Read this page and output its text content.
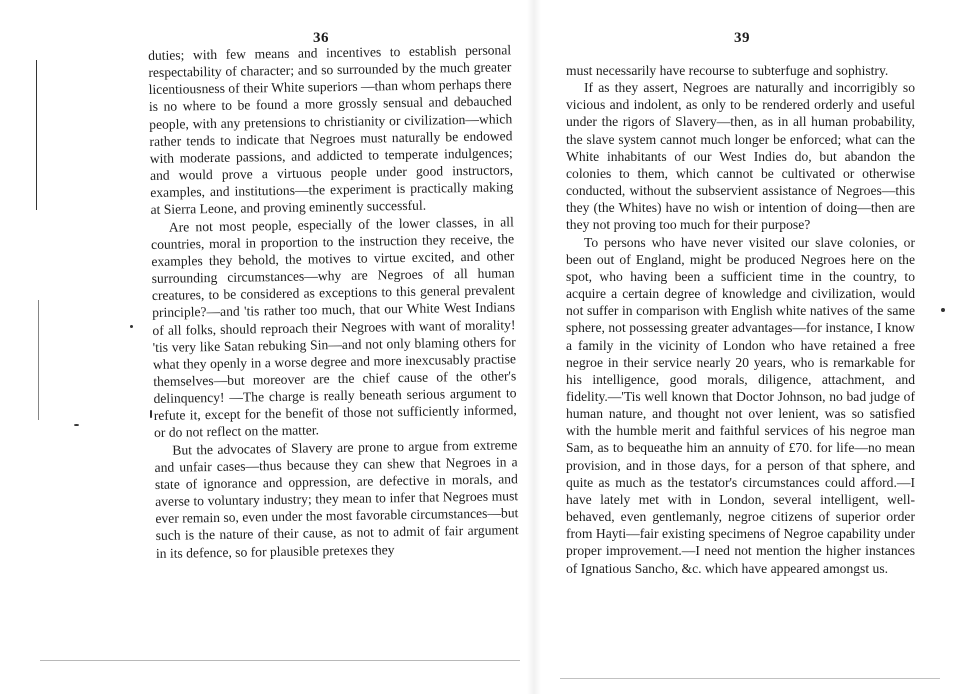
36	39

duties; with few means and incentives to establish personal respectability of character; and so surrounded by the much greater licentiousness of their White superiors —than whom perhaps there is no where to be found a more grossly sensual and debauched people, with any pretensions to christianity or civilization—which rather tends to indicate that Negroes must naturally be endowed with moderate passions, and addicted to temperate indulgences; and would prove a virtuous people under good instructors, examples, and institutions—the experiment is practically making at Sierra Leone, and proving eminently successful.

Are not most people, especially of the lower classes, in all countries, moral in proportion to the instruction they receive, the examples they behold, the motives to virtue excited, and other surrounding circumstances—why are Negroes of all human creatures, to be considered as exceptions to this general prevalent principle?—and 'tis rather too much, that our White West Indians of all folks, should reproach their Negroes with want of morality! 'tis very like Satan rebuking Sin—and not only blaming others for what they openly in a worse degree and more inexcusably practise themselves—but moreover are the chief cause of the other's delinquency! —The charge is really beneath serious argument to refute it, except for the benefit of those not sufficiently informed, or do not reflect on the matter.

But the advocates of Slavery are prone to argue from extreme and unfair cases—thus because they can shew that Negroes in a state of ignorance and oppression, are defective in morals, and averse to voluntary industry; they mean to infer that Negroes must ever remain so, even under the most favorable circumstances—but such is the nature of their cause, as not to admit of fair argument in its defence, so for plausible pretexes they

must necessarily have recourse to subterfuge and sophistry.

If as they assert, Negroes are naturally and incorrigibly so vicious and indolent, as only to be rendered orderly and useful under the rigors of Slavery—then, as in all human probability, the slave system cannot much longer be enforced; what can the White inhabitants of our West Indies do, but abandon the colonies to them, which cannot be cultivated or otherwise conducted, without the subservient assistance of Negroes—this they (the Whites) have no wish or intention of doing—then are they not proving too much for their purpose?

To persons who have never visited our slave colonies, or been out of England, might be produced Negroes here on the spot, who having been a sufficient time in the country, to acquire a certain degree of knowledge and civilization, would not suffer in comparison with English white natives of the same sphere, not possessing greater advantages—for instance, I know a family in the vicinity of London who have retained a free negroe in their service nearly 20 years, who is remarkable for his intelligence, good morals, diligence, attachment, and fidelity.—'Tis well known that Doctor Johnson, no bad judge of human nature, and thought not over lenient, was so satisfied with the humble merit and faithful services of his negroe man Sam, as to bequeathe him an annuity of £70. for life—no mean provision, and in those days, for a person of that sphere, and quite as much as the testator's circumstances could afford.—I have lately met with in London, several intelligent, well-behaved, even gentlemanly, negroe citizens of superior order from Hayti—fair existing specimens of Negroe capability under proper improvement.—I need not mention the higher instances of Ignatious Sancho, &c. which have appeared amongst us.
